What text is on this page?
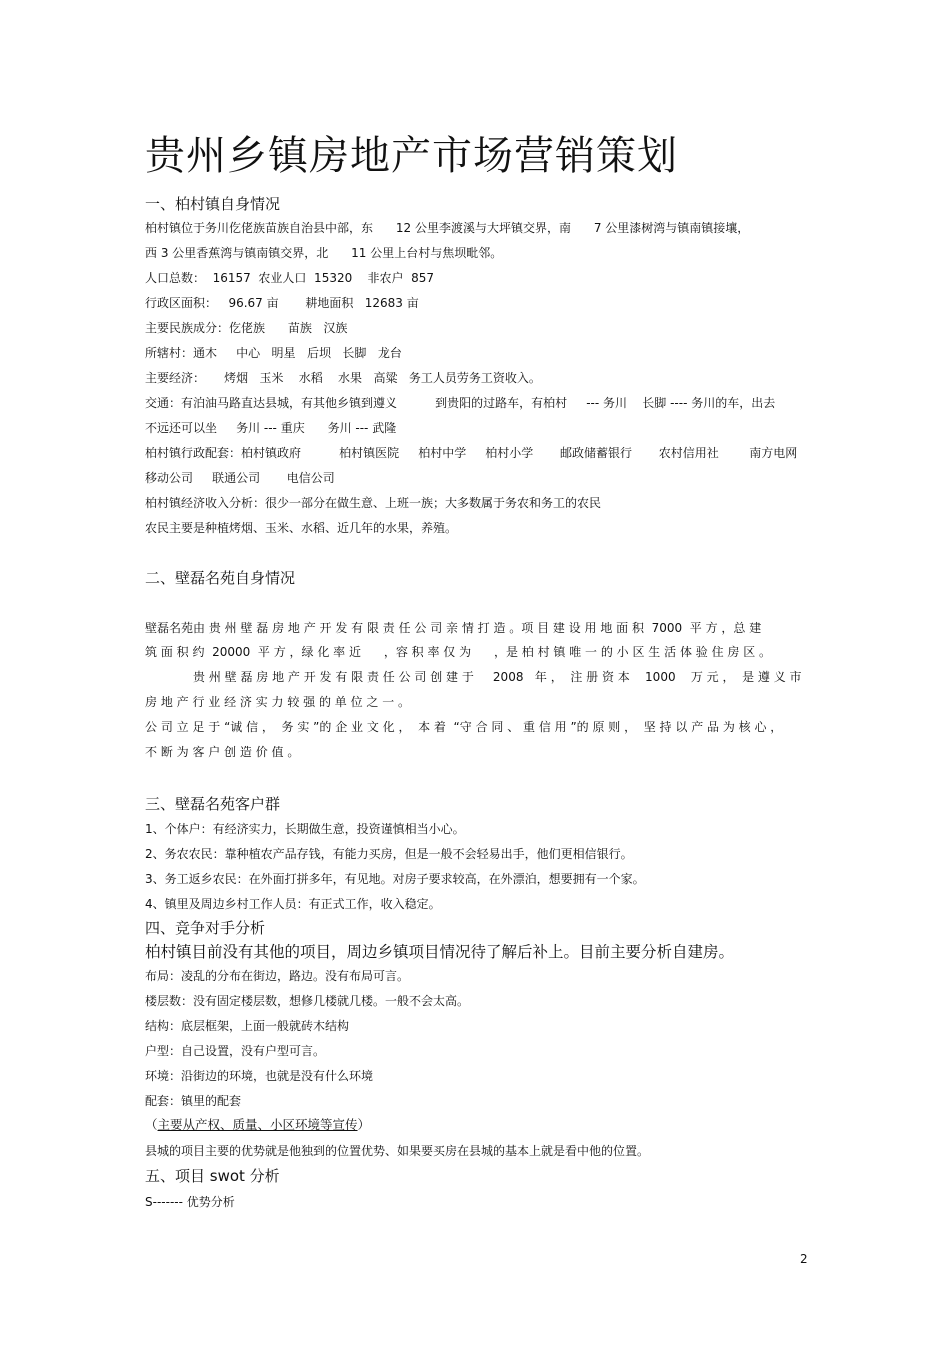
贵州乡镇房地产市场营销策划
一、柏村镇自身情况
柏村镇位于务川仡佬族苗族自治县中部，东      12 公里李渡溪与大坪镇交界，南      7 公里漆树湾与镇南镇接壤，
西 3 公里香蕉湾与镇南镇交界，北      11 公里上台村与焦坝毗邻。
人口总数：  16157  农业人口  15320    非农户  857
行政区面积：   96.67 亩       耕地面积   12683 亩
主要民族成分：仡佬族      苗族   汉族
所辖村：通木     中心   明星   后坝   长脚   龙台
主要经济：     烤烟   玉米    水稻    水果   高粱   务工人员劳务工资收入。
交通：有泊油马路直达县城，有其他乡镇到遵义          到贵阳的过路车，有柏村     --- 务川    长脚 ---- 务川的车，出去
不远还可以坐     务川 --- 重庆      务川 --- 武隆
柏村镇行政配套：柏村镇政府          柏村镇医院     柏村中学     柏村小学       邮政储蓄银行       农村信用社        南方电网
移动公司     联通公司       电信公司
柏村镇经济收入分析：很少一部分在做生意、上班一族；大多数属于务农和务工的农民
农民主要是种植烤烟、玉米、水稻、近几年的水果，养殖。
二、壁磊名苑自身情况
壁磊名苑由 贵 州 壁 磊 房 地 产 开 发 有 限 责 任 公 司 亲 情 打 造 。项 目 建 设 用 地 面 积  7000  平 方 ，总 建
筑 面 积 约  20000  平 方 ，绿 化 率 近      ，容 积 率 仅 为      ，是 柏 村 镇 唯 一 的 小 区 生 活 体 验 住 房 区 。
贵 州 壁 磊 房 地 产 开 发 有 限 责 任 公 司 创 建 于     2008   年 ，  注 册 资 本    1000    万 元 ，  是 遵 义 市
房 地 产 行 业 经 济 实 力 较 强 的 单 位 之 一 。
公 司 立 足 于 “诚 信 ，  务 实 ”的 企 业 文 化 ，  本 着  “守 合 同 、 重 信 用 ”的 原 则 ，  坚 持 以 产 品 为 核 心 ，
不 断 为 客 户 创 造 价 值 。
三、壁磊名苑客户群
1、个体户：有经济实力，长期做生意，投资谨慎相当小心。
2、务农农民：靠种植农产品存钱，有能力买房，但是一般不会轻易出手，他们更相信银行。
3、务工返乡农民：在外面打拼多年，有见地。对房子要求较高，在外漂泊，想要拥有一个家。
4、镇里及周边乡村工作人员：有正式工作，收入稳定。
四、竞争对手分析
柏村镇目前没有其他的项目，周边乡镇项目情况待了解后补上。目前主要分析自建房。
布局：凌乱的分布在街边，路边。没有布局可言。
楼层数：没有固定楼层数，想修几楼就几楼。一般不会太高。
结构：底层框架，上面一般就砖木结构
户型：自己设置，没有户型可言。
环境：沿街边的环境，也就是没有什么环境
配套：镇里的配套
（主要从产权、质量、小区环境等宣传）
县城的项目主要的优势就是他独到的位置优势、如果要买房在县城的基本上就是看中他的位置。
五、项目 swot 分析
S------- 优势分析
2
